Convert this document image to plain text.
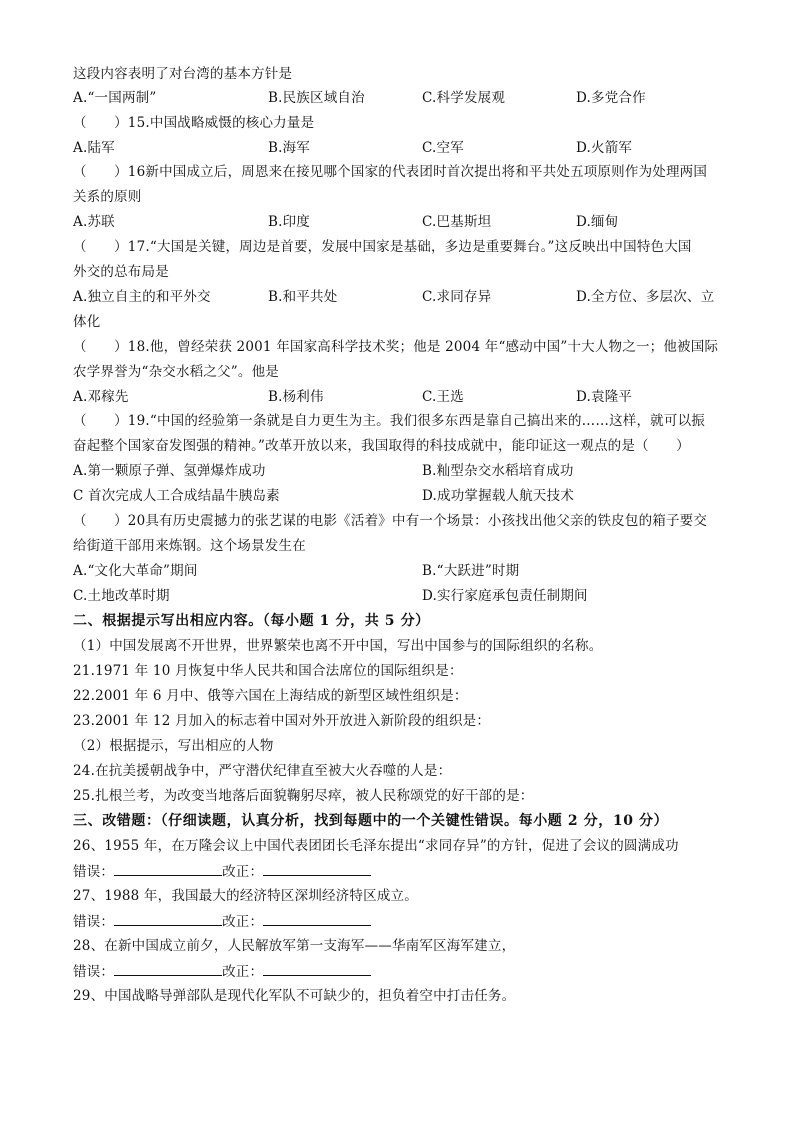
这段内容表明了对台湾的基本方针是
A.“一国两制”	B.民族区域自治	C.科学发展观	D.多党合作
（　　）15.中国战略威慑的核心力量是
A.陆军	B.海军	C.空军	D.火箭军
（　　）16新中国成立后，周恩来在接见哪个国家的代表团时首次提出将和平共处五项原则作为处理两国
关系的原则
A.苏联	B.印度	C.巴基斯坦	D.缅甸
（　　）17.“大国是关键，周边是首要，发展中国家是基础，多边是重要舞台。”这反映出中国特色大国
外交的总布局是
A.独立自主的和平外交	B.和平共处	C.求同存异	D.全方位、多层次、立
体化
（　　）18.他，曾经荣获 2001 年国家高科学技术奖；他是 2004 年“感动中国”十大人物之一；他被国际
农学界誉为“杂交水稻之父”。他是
A.邓稼先	B.杨利伟	C.王选	D.袁隆平
（　　）19.“中国的经验第一条就是自力更生为主。我们很多东西是靠自己搞出来的……这样，就可以振
奋起整个国家奋发图强的精神。”改革开放以来，我国取得的科技成就中，能印证这一观点的是（　　）
A.第一颗原子弹、氢弹爆炸成功	B.籼型杂交水稻培育成功
C 首次完成人工合成结晶牛胰岛素	D.成功掌握载人航天技术
（　　）20具有历史震撼力的张艺谋的电影《活着》中有一个场景：小孩找出他父亲的铁皮包的箱子要交
给街道干部用来炼钢。这个场景发生在
A.“文化大革命”期间	B.“大跃进”时期
C.土地改革时期	D.实行家庭承包责任制期间
二、根据提示写出相应内容。（每小题 1 分，共 5 分）
（1）中国发展离不开世界，世界繁荣也离不开中国，写出中国参与的国际组织的名称。
21.1971 年 10 月恢复中华人民共和国合法席位的国际组织是：
22.2001 年 6 月中、俄等六国在上海结成的新型区域性组织是：
23.2001 年 12 月加入的标志着中国对外开放进入新阶段的组织是：
（2）根据提示，写出相应的人物
24.在抗美援朝战争中，严守潜伏纪律直至被大火吞噬的人是：
25.扎根兰考，为改变当地落后面貌鞠躬尽瘁，被人民称颂党的好干部的是：
三、改错题：（仔细读题，认真分析，找到每题中的一个关键性错误。每小题 2 分，10 分）
26、1955 年，在万隆会议上中国代表团团长毛泽东提出“求同存异”的方针，促进了会议的圆满成功
错误：	改正：
27、1988 年，我国最大的经济特区深圳经济特区成立。
错误：	改正：
28、在新中国成立前夕，人民解放军第一支海军——华南军区海军建立，
错误：	改正：
29、中国战略导弹部队是现代化军队不可缺少的，担负着空中打击任务。
